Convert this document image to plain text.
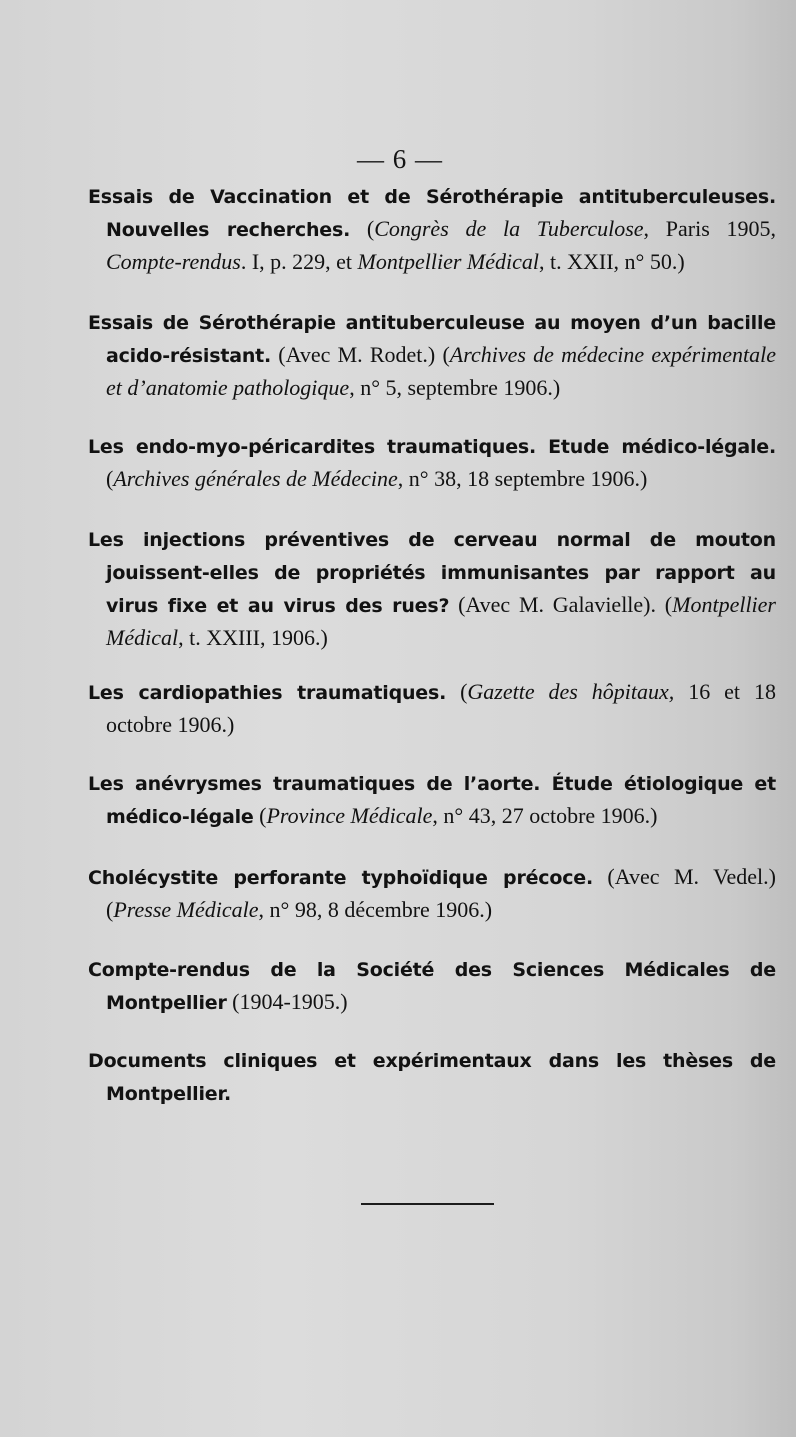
— 6 —

Essais de Vaccination et de Sérothérapie antituberculeuses. Nouvelles recherches. (Congrès de la Tuberculose, Paris 1905, Compte-rendus. I, p. 229, et Montpellier Médical, t. XXII, n° 50.)

Essais de Sérothérapie antituberculeuse au moyen d’un bacille acido-résistant. (Avec M. Rodet.) (Archives de médecine expérimentale et d’anatomie pathologique, n° 5, septembre 1906.)

Les endo-myo-péricardites traumatiques. Etude médico-légale. (Archives générales de Médecine, n° 38, 18 septembre 1906.)

Les injections préventives de cerveau normal de mouton jouissent-elles de propriétés immunisantes par rapport au virus fixe et au virus des rues? (Avec M. Galavielle). (Montpellier Médical, t. XXIII, 1906.)

Les cardiopathies traumatiques. (Gazette des hôpitaux, 16 et 18 octobre 1906.)

Les anévrysmes traumatiques de l’aorte. Étude étiologique et médico-légale (Province Médicale, n° 43, 27 octobre 1906.)

Cholécystite perforante typhoïdique précoce. (Avec M. Vedel.) (Presse Médicale, n° 98, 8 décembre 1906.)

Compte-rendus de la Société des Sciences Médicales de Montpellier (1904-1905.)

Documents cliniques et expérimentaux dans les thèses de Montpellier.
